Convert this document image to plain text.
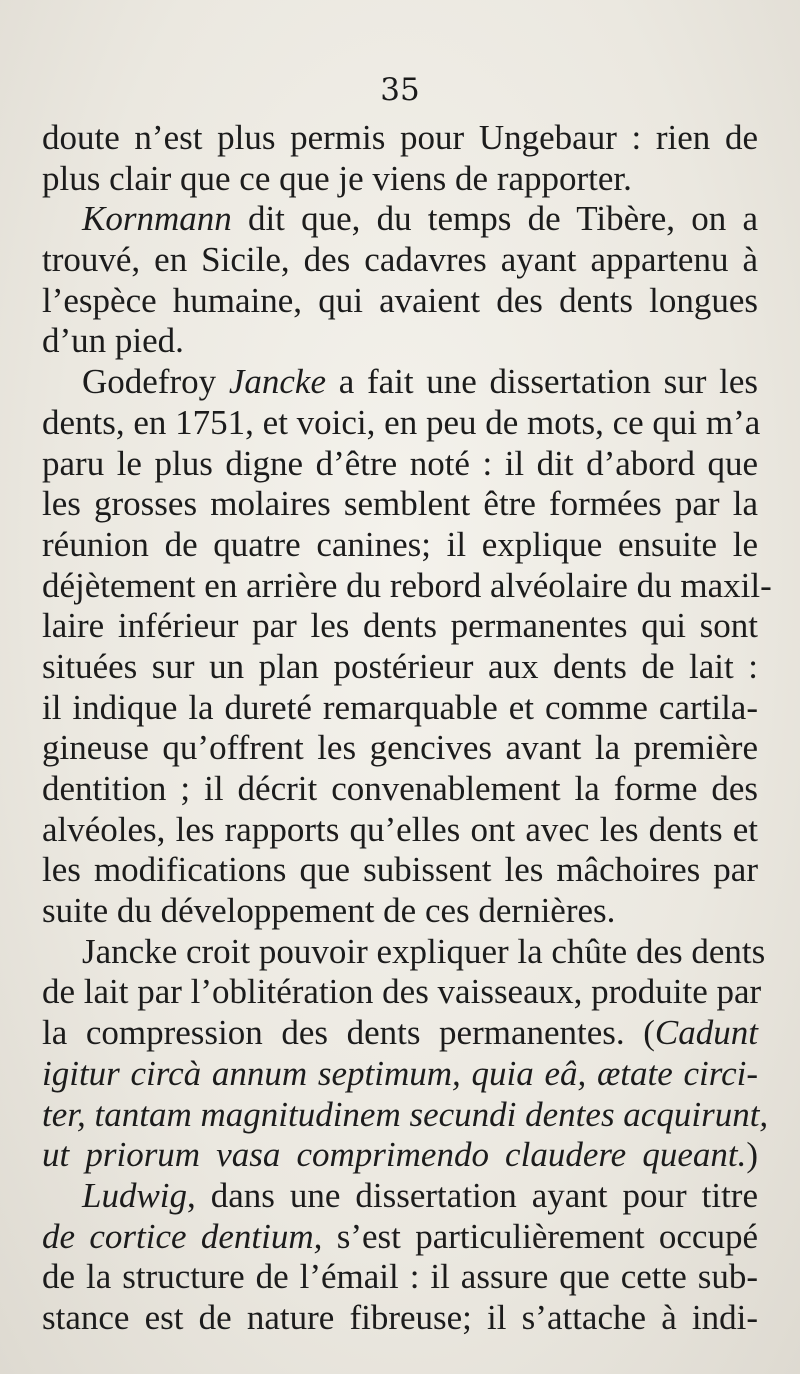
35
doute n’est plus permis pour Ungebaur : rien de
plus clair que ce que je viens de rapporter.
Kornmann dit que, du temps de Tibère, on a
trouvé, en Sicile, des cadavres ayant appartenu à
l’espèce humaine, qui avaient des dents longues
d’un pied.
Godefroy Jancke a fait une dissertation sur les
dents, en 1751, et voici, en peu de mots, ce qui m’a
paru le plus digne d’être noté : il dit d’abord que
les grosses molaires semblent être formées par la
réunion de quatre canines; il explique ensuite le
déjètement en arrière du rebord alvéolaire du maxil-
laire inférieur par les dents permanentes qui sont
situées sur un plan postérieur aux dents de lait :
il indique la dureté remarquable et comme cartila-
gineuse qu’offrent les gencives avant la première
dentition ; il décrit convenablement la forme des
alvéoles, les rapports qu’elles ont avec les dents et
les modifications que subissent les mâchoires par
suite du développement de ces dernières.
Jancke croit pouvoir expliquer la chûte des dents
de lait par l’oblitération des vaisseaux, produite par
la compression des dents permanentes. (Cadunt
igitur circà annum septimum, quia eâ, ætate circi-
ter, tantam magnitudinem secundi dentes acquirunt,
ut priorum vasa comprimendo claudere queant.)
Ludwig, dans une dissertation ayant pour titre
de cortice dentium, s’est particulièrement occupé
de la structure de l’émail : il assure que cette sub-
stance est de nature fibreuse; il s’attache à indi-
